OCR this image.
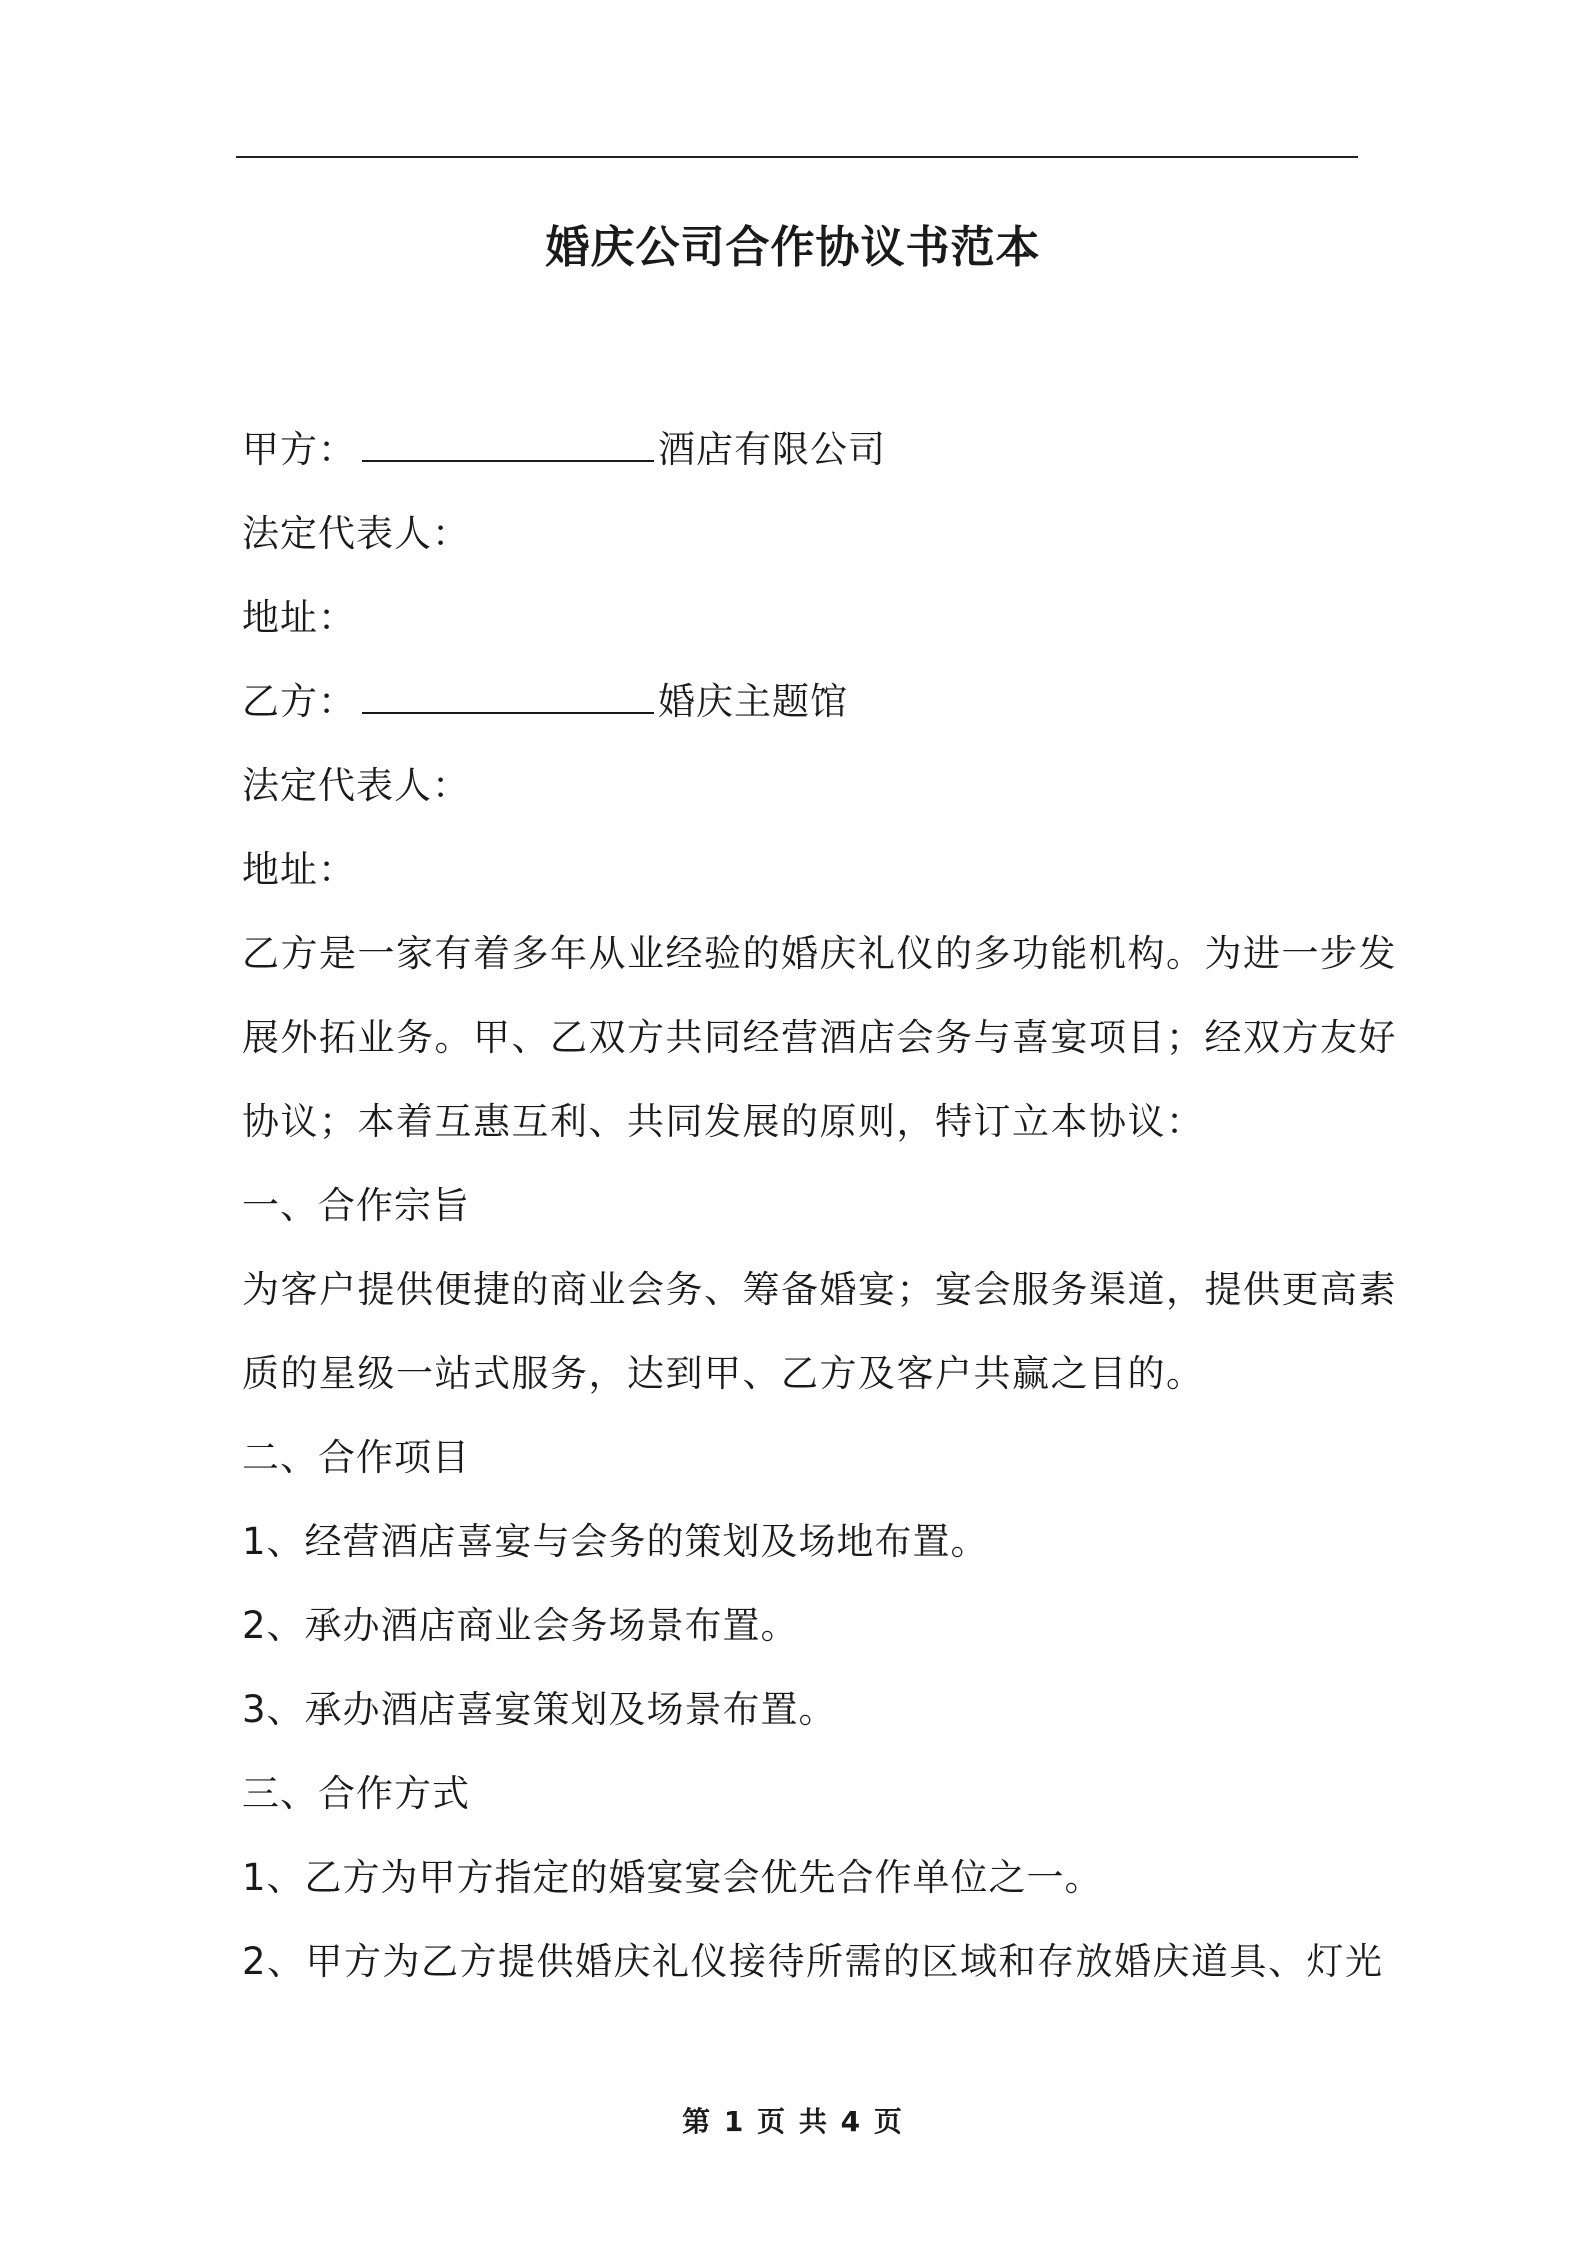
婚庆公司合作协议书范本
甲方：	酒店有限公司
法定代表人：
地址：
乙方：	婚庆主题馆
法定代表人：
地址：
乙方是一家有着多年从业经验的婚庆礼仪的多功能机构。为进一步发
展外拓业务。甲、乙双方共同经营酒店会务与喜宴项目；经双方友好
协议；本着互惠互利、共同发展的原则，特订立本协议：
一、合作宗旨
为客户提供便捷的商业会务、筹备婚宴；宴会服务渠道，提供更高素
质的星级一站式服务，达到甲、乙方及客户共赢之目的。
二、合作项目
1、经营酒店喜宴与会务的策划及场地布置。
2、承办酒店商业会务场景布置。
3、承办酒店喜宴策划及场景布置。
三、合作方式
1、乙方为甲方指定的婚宴宴会优先合作单位之一。
2、甲方为乙方提供婚庆礼仪接待所需的区域和存放婚庆道具、灯光
第 1 页 共 4 页
